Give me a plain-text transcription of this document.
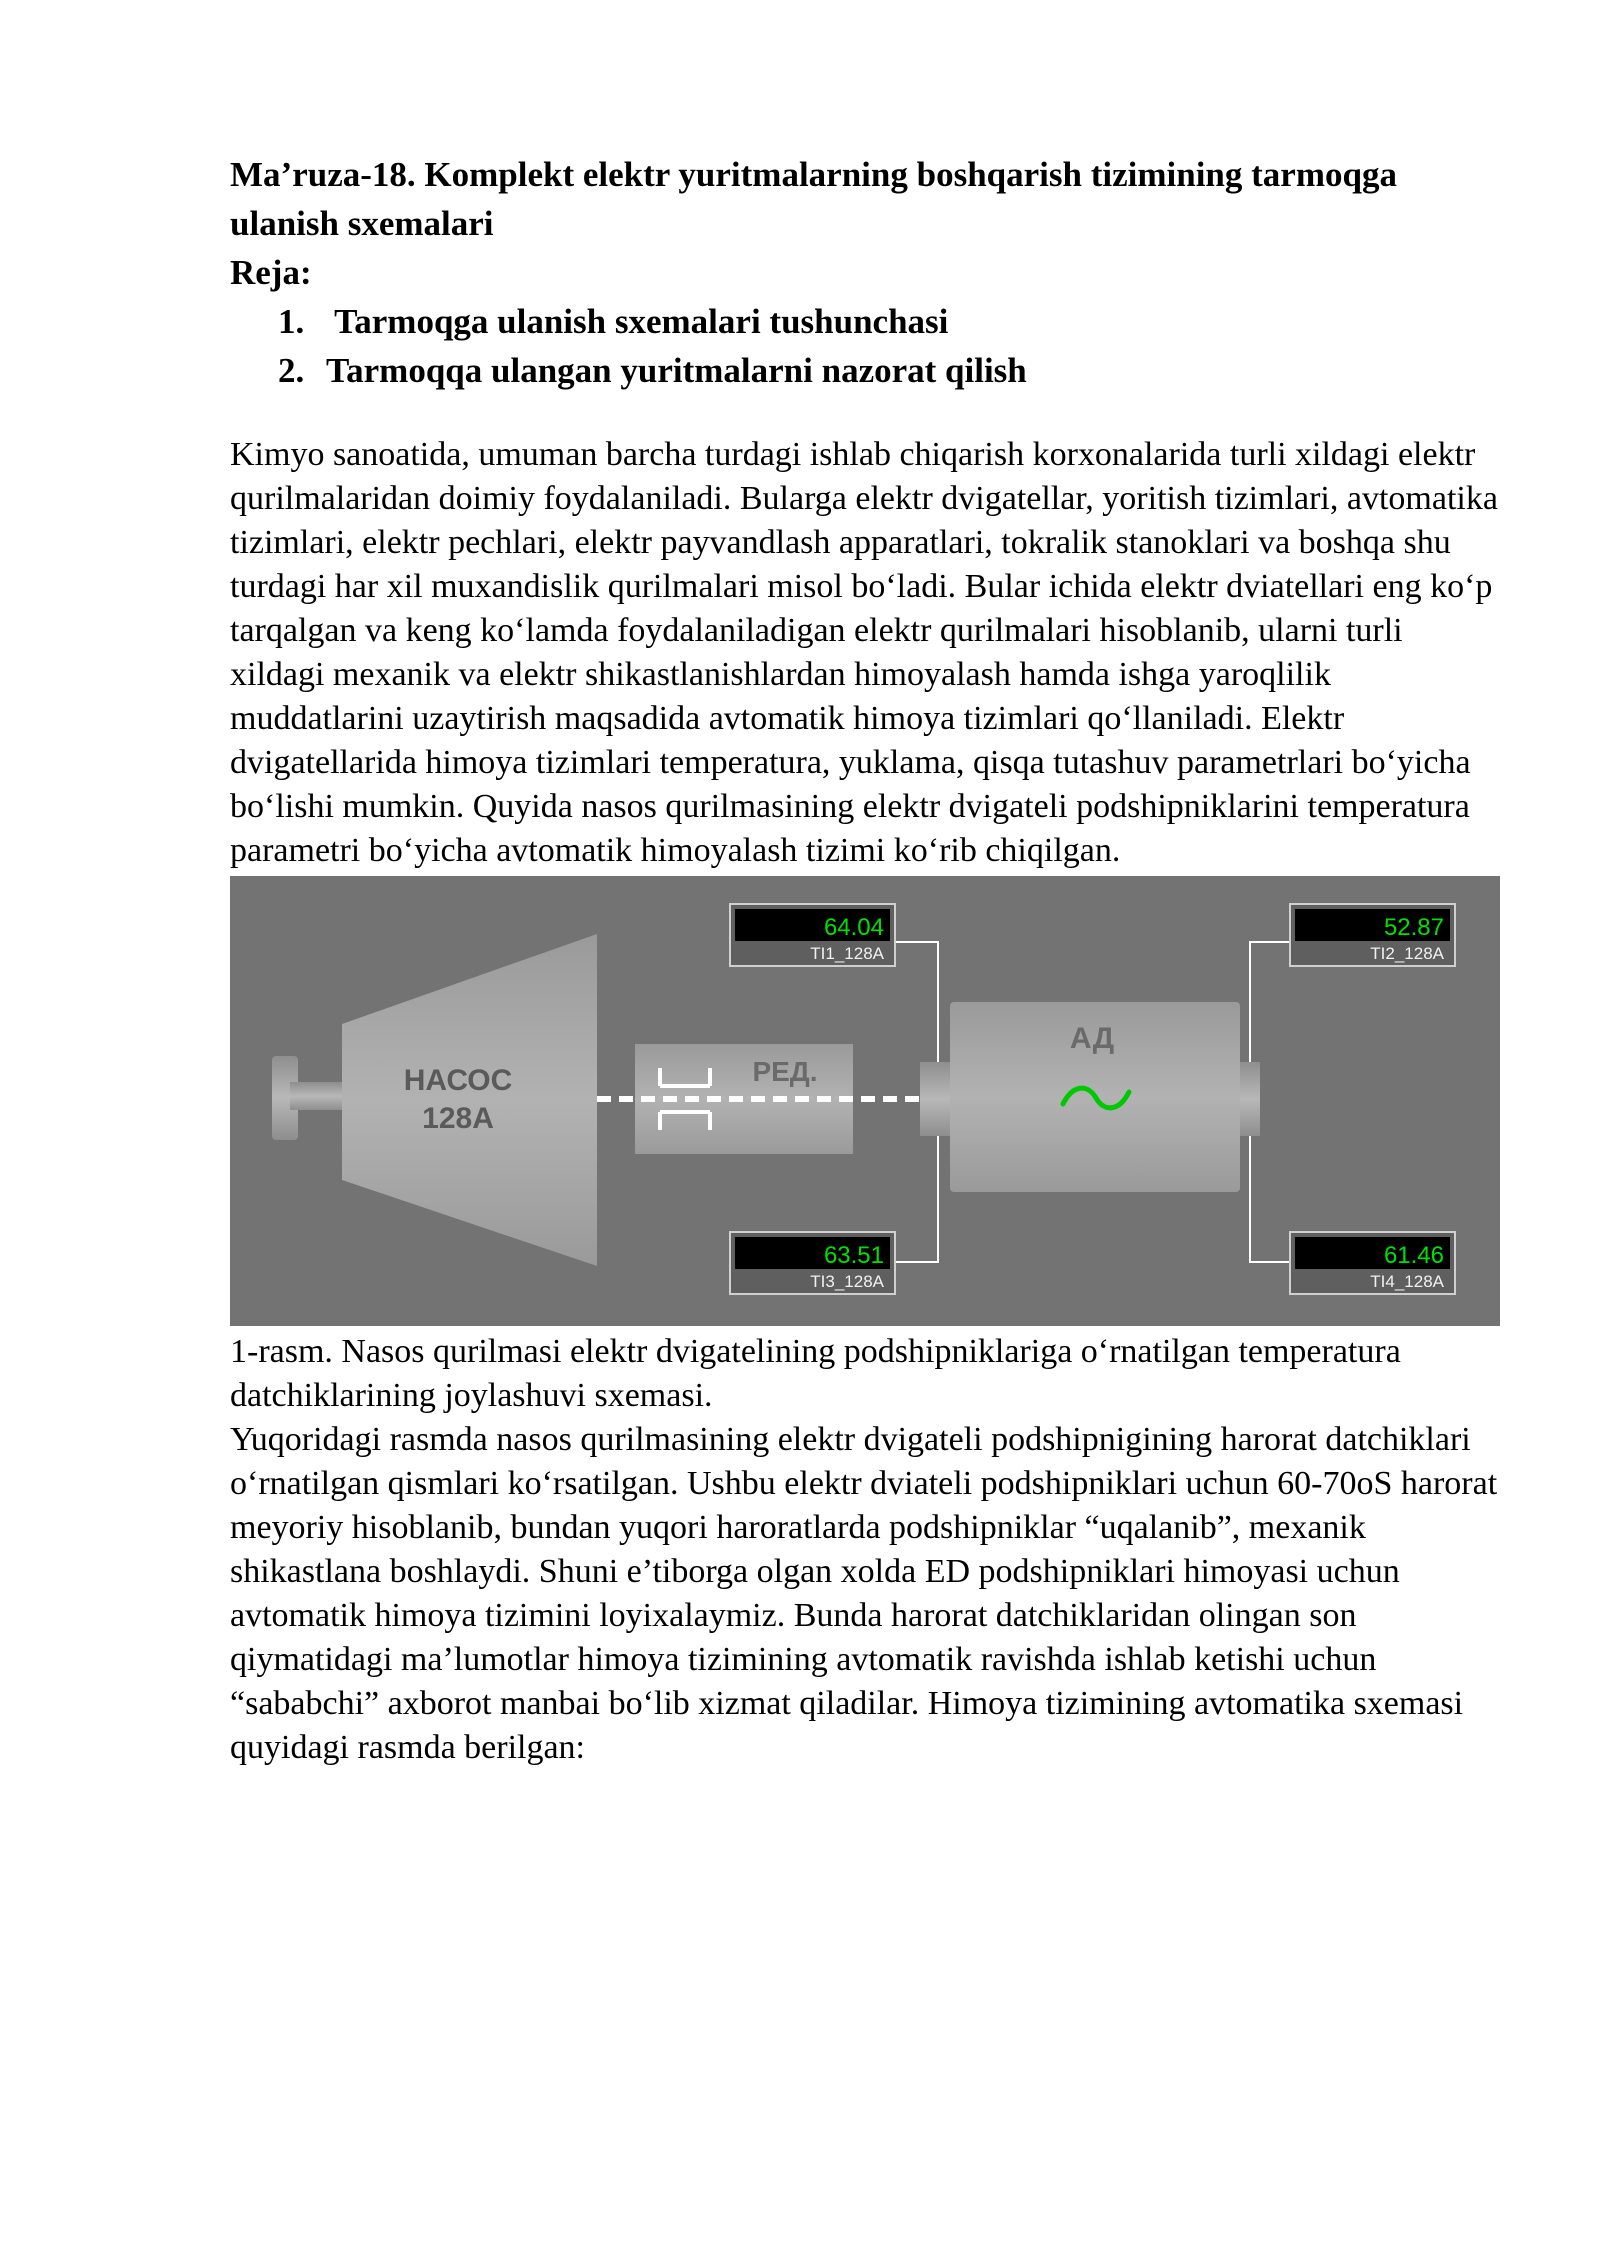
Ma’ruza-18. Komplekt elektr yuritmalarning boshqarish tizimining tarmoqga ulanish sxemalari

Reja:

1. Tarmoqga ulanish sxemalari tushunchasi
2. Tarmoqqa ulangan yuritmalarni nazorat qilish

Kimyo sanoatida, umuman barcha turdagi ishlab chiqarish korxonalarida turli xildagi elektr qurilmalaridan doimiy foydalaniladi. Bularga elektr dvigatellar, yoritish tizimlari, avtomatika tizimlari, elektr pechlari, elektr payvandlash apparatlari, tokralik stanoklari va boshqa shu turdagi har xil muxandislik qurilmalari misol bo‘ladi. Bular ichida elektr dviatellari eng ko‘p tarqalgan va keng ko‘lamda foydalaniladigan elektr qurilmalari hisoblanib, ularni turli xildagi mexanik va elektr shikastlanishlardan himoyalash hamda ishga yaroqlilik muddatlarini uzaytirish maqsadida avtomatik himoya tizimlari qo‘llaniladi. Elektr dvigatellarida himoya tizimlari temperatura, yuklama, qisqa tutashuv parametrlari bo‘yicha bo‘lishi mumkin. Quyida nasos qurilmasining elektr dvigateli podshipniklarini temperatura parametri bo‘yicha avtomatik himoyalash tizimi ko‘rib chiqilgan.

НАСОС
128А
РЕД.
АД
64.04
TI1_128A
52.87
TI2_128A
63.51
TI3_128A
61.46
TI4_128A

1-rasm. Nasos qurilmasi elektr dvigatelining podshipniklariga o‘rnatilgan temperatura datchiklarining joylashuvi sxemasi.

Yuqoridagi rasmda nasos qurilmasining elektr dvigateli podshipnigining harorat datchiklari o‘rnatilgan qismlari ko‘rsatilgan. Ushbu elektr dviateli podshipniklari uchun 60-70oS harorat meyoriy hisoblanib, bundan yuqori haroratlarda podshipniklar “uqalanib”, mexanik shikastlana boshlaydi. Shuni e’tiborga olgan xolda ED podshipniklari himoyasi uchun avtomatik himoya tizimini loyixalaymiz. Bunda harorat datchiklaridan olingan son qiymatidagi ma’lumotlar himoya tizimining avtomatik ravishda ishlab ketishi uchun “sababchi” axborot manbai bo‘lib xizmat qiladilar. Himoya tizimining avtomatika sxemasi quyidagi rasmda berilgan:
